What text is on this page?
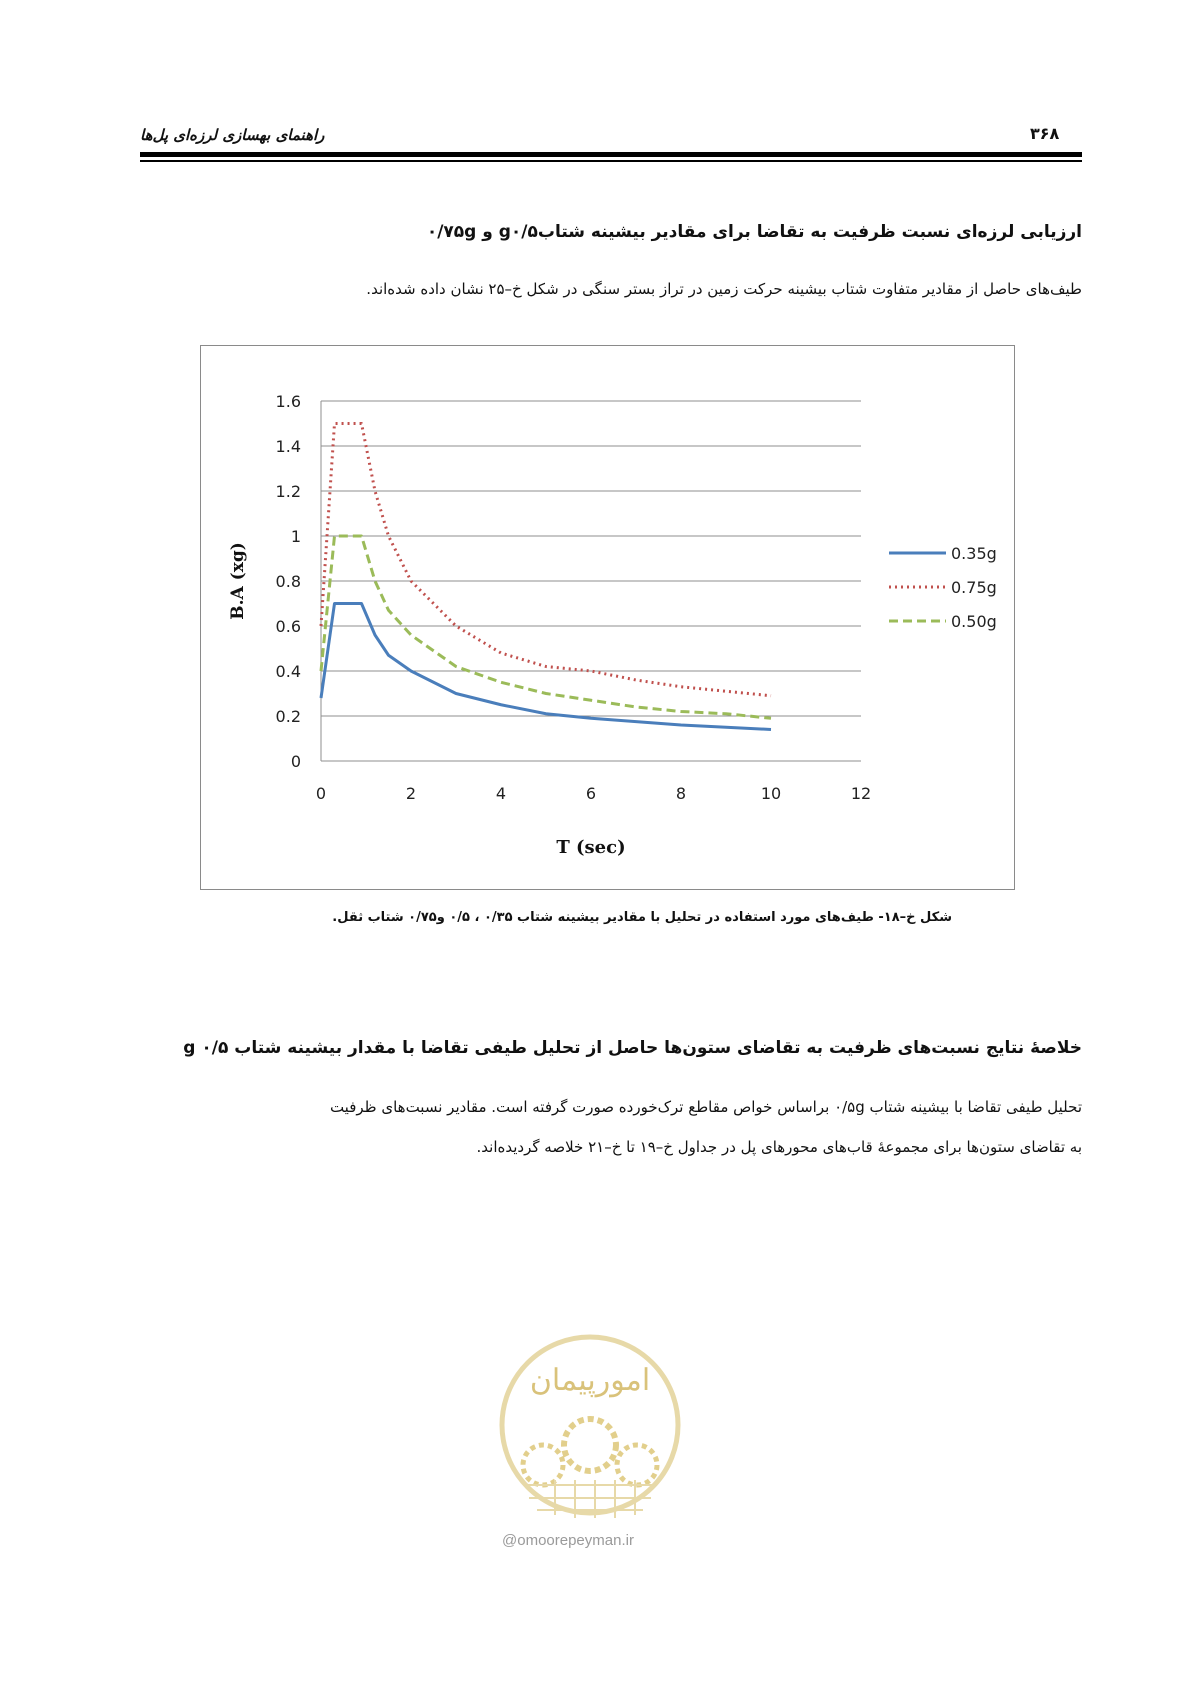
۳۶۸
راهنمای بهسازی لرزه‌ای پل‌ها
ارزیابی لرزه‌ای نسبت ظرفیت به تقاضا برای مقادیر بیشینه شتاب‌g۰/۵ و ۰/۷۵g
طیف‌های حاصل از مقادیر متفاوت شتاب بیشینه حرکت زمین در تراز بستر سنگی در شکل خ–۲۵ نشان داده شده‌اند.
0
0.2
0.4
0.6
0.8
1
1.2
1.4
1.6
0	2	4	6	8	10	12
T (sec)
B.A (xg)	0.35g
0.75g
0.50g
شکل خ–۱۸- طیف‌های مورد استفاده در تحلیل با مقادیر بیشینه شتاب ۰/۳۵ ، ۰/۵ و۰/۷۵ شتاب ثقل.
خلاصهٔ نتایج نسبت‌های ظرفیت به تقاضای ستون‌ها حاصل از تحلیل طیفی تقاضا با مقدار بیشینه شتاب g ۰/۵
تحلیل طیفی تقاضا با بیشینه شتاب ۰/۵g براساس خواص مقاطع ترک‌خورده صورت گرفته است. مقادیر نسبت‌های ظرفیت
به تقاضای ستون‌ها برای مجموعهٔ قاب‌های محورهای پل در جداول خ–۱۹ تا خ–۲۱ خلاصه گردیده‌اند.
امورپیمان
@omoorepeyman.ir
